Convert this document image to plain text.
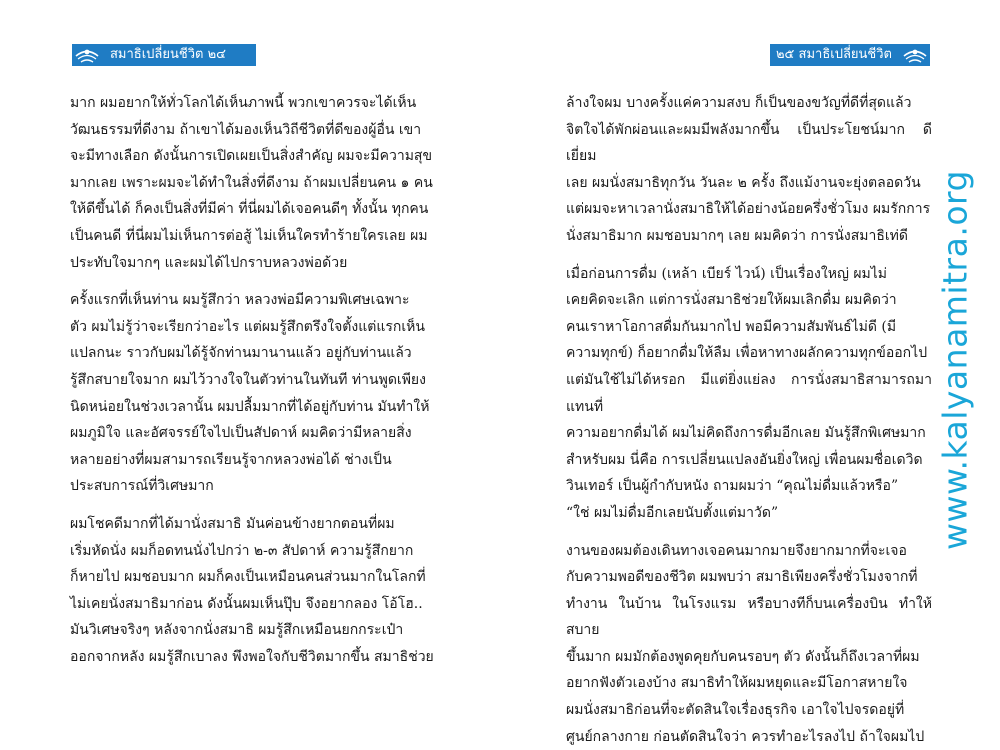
สมาธิเปลี่ยนชีวิต ๒๔

มาก ผมอยากให้ทั่วโลกได้เห็นภาพนี้ พวกเขาควรจะได้เห็น
วัฒนธรรมที่ดีงาม ถ้าเขาได้มองเห็นวิถีชีวิตที่ดีของผู้อื่น เขา
จะมีทางเลือก ดังนั้นการเปิดเผยเป็นสิ่งสำคัญ ผมจะมีความสุข
มากเลย เพราะผมจะได้ทำในสิ่งที่ดีงาม ถ้าผมเปลี่ยนคน ๑ คน
ให้ดีขึ้นได้ ก็คงเป็นสิ่งที่มีค่า ที่นี่ผมได้เจอคนดีๆ ทั้งนั้น ทุกคน
เป็นคนดี ที่นี่ผมไม่เห็นการต่อสู้ ไม่เห็นใครทำร้ายใครเลย ผม
ประทับใจมากๆ และผมได้ไปกราบหลวงพ่อด้วย

ครั้งแรกที่เห็นท่าน ผมรู้สึกว่า หลวงพ่อมีความพิเศษเฉพาะ
ตัว ผมไม่รู้ว่าจะเรียกว่าอะไร แต่ผมรู้สึกตรึงใจตั้งแต่แรกเห็น
แปลกนะ ราวกับผมได้รู้จักท่านมานานแล้ว อยู่กับท่านแล้ว
รู้สึกสบายใจมาก ผมไว้วางใจในตัวท่านในทันที ท่านพูดเพียง
นิดหน่อยในช่วงเวลานั้น ผมปลื้มมากที่ได้อยู่กับท่าน มันทำให้
ผมภูมิใจ และอัศจรรย์ใจไปเป็นสัปดาห์ ผมคิดว่ามีหลายสิ่ง
หลายอย่างที่ผมสามารถเรียนรู้จากหลวงพ่อได้ ช่างเป็น
ประสบการณ์ที่วิเศษมาก

ผมโชคดีมากที่ได้มานั่งสมาธิ มันค่อนข้างยากตอนที่ผม
เริ่มหัดนั่ง ผมก็อดทนนั่งไปกว่า ๒-๓ สัปดาห์ ความรู้สึกยาก
ก็หายไป ผมชอบมาก ผมก็คงเป็นเหมือนคนส่วนมากในโลกที่
ไม่เคยนั่งสมาธิมาก่อน ดังนั้นผมเห็นปุ๊บ จึงอยากลอง โอ้โฮ..
มันวิเศษจริงๆ หลังจากนั่งสมาธิ ผมรู้สึกเหมือนยกกระเป๋า
ออกจากหลัง ผมรู้สึกเบาลง พึงพอใจกับชีวิตมากขึ้น สมาธิช่วย

๒๕ สมาธิเปลี่ยนชีวิต

ล้างใจผม บางครั้งแค่ความสงบ ก็เป็นของขวัญที่ดีที่สุดแล้ว
จิตใจได้พักผ่อนและผมมีพลังมากขึ้น เป็นประโยชน์มาก ดีเยี่ยม
เลย ผมนั่งสมาธิทุกวัน วันละ ๒ ครั้ง ถึงแม้งานจะยุ่งตลอดวัน
แต่ผมจะหาเวลานั่งสมาธิให้ได้อย่างน้อยครึ่งชั่วโมง ผมรักการ
นั่งสมาธิมาก ผมชอบมากๆ เลย ผมคิดว่า การนั่งสมาธิเท่ดี

เมื่อก่อนการดื่ม (เหล้า เบียร์ ไวน์) เป็นเรื่องใหญ่ ผมไม่
เคยคิดจะเลิก แต่การนั่งสมาธิช่วยให้ผมเลิกดื่ม ผมคิดว่า
คนเราหาโอกาสดื่มกันมากไป พอมีความสัมพันธ์ไม่ดี (มี
ความทุกข์) ก็อยากดื่มให้ลืม เพื่อหาทางผลักความทุกข์ออกไป
แต่มันใช้ไม่ได้หรอก มีแต่ยิ่งแย่ลง การนั่งสมาธิสามารถมาแทนที่
ความอยากดื่มได้ ผมไม่คิดถึงการดื่มอีกเลย มันรู้สึกพิเศษมาก
สำหรับผม นี่คือ การเปลี่ยนแปลงอันยิ่งใหญ่ เพื่อนผมชื่อเดวิด
วินเทอร์ เป็นผู้กำกับหนัง ถามผมว่า “คุณไม่ดื่มแล้วหรือ”
“ใช่ ผมไม่ดื่มอีกเลยนับตั้งแต่มาวัด”

งานของผมต้องเดินทางเจอคนมากมายจึงยากมากที่จะเจอ
กับความพอดีของชีวิต ผมพบว่า สมาธิเพียงครึ่งชั่วโมงจากที่
ทำงาน ในบ้าน ในโรงแรม หรือบางทีก็บนเครื่องบิน ทำให้สบาย
ขึ้นมาก ผมมักต้องพูดคุยกับคนรอบๆ ตัว ดังนั้นก็ถึงเวลาที่ผม
อยากฟังตัวเองบ้าง สมาธิทำให้ผมหยุดและมีโอกาสหายใจ
ผมนั่งสมาธิก่อนที่จะตัดสินใจเรื่องธุรกิจ เอาใจไปจรดอยู่ที่
ศูนย์กลางกาย ก่อนตัดสินใจว่า ควรทำอะไรลงไป ถ้าใจผมไป

www.kalyanamitra.org
